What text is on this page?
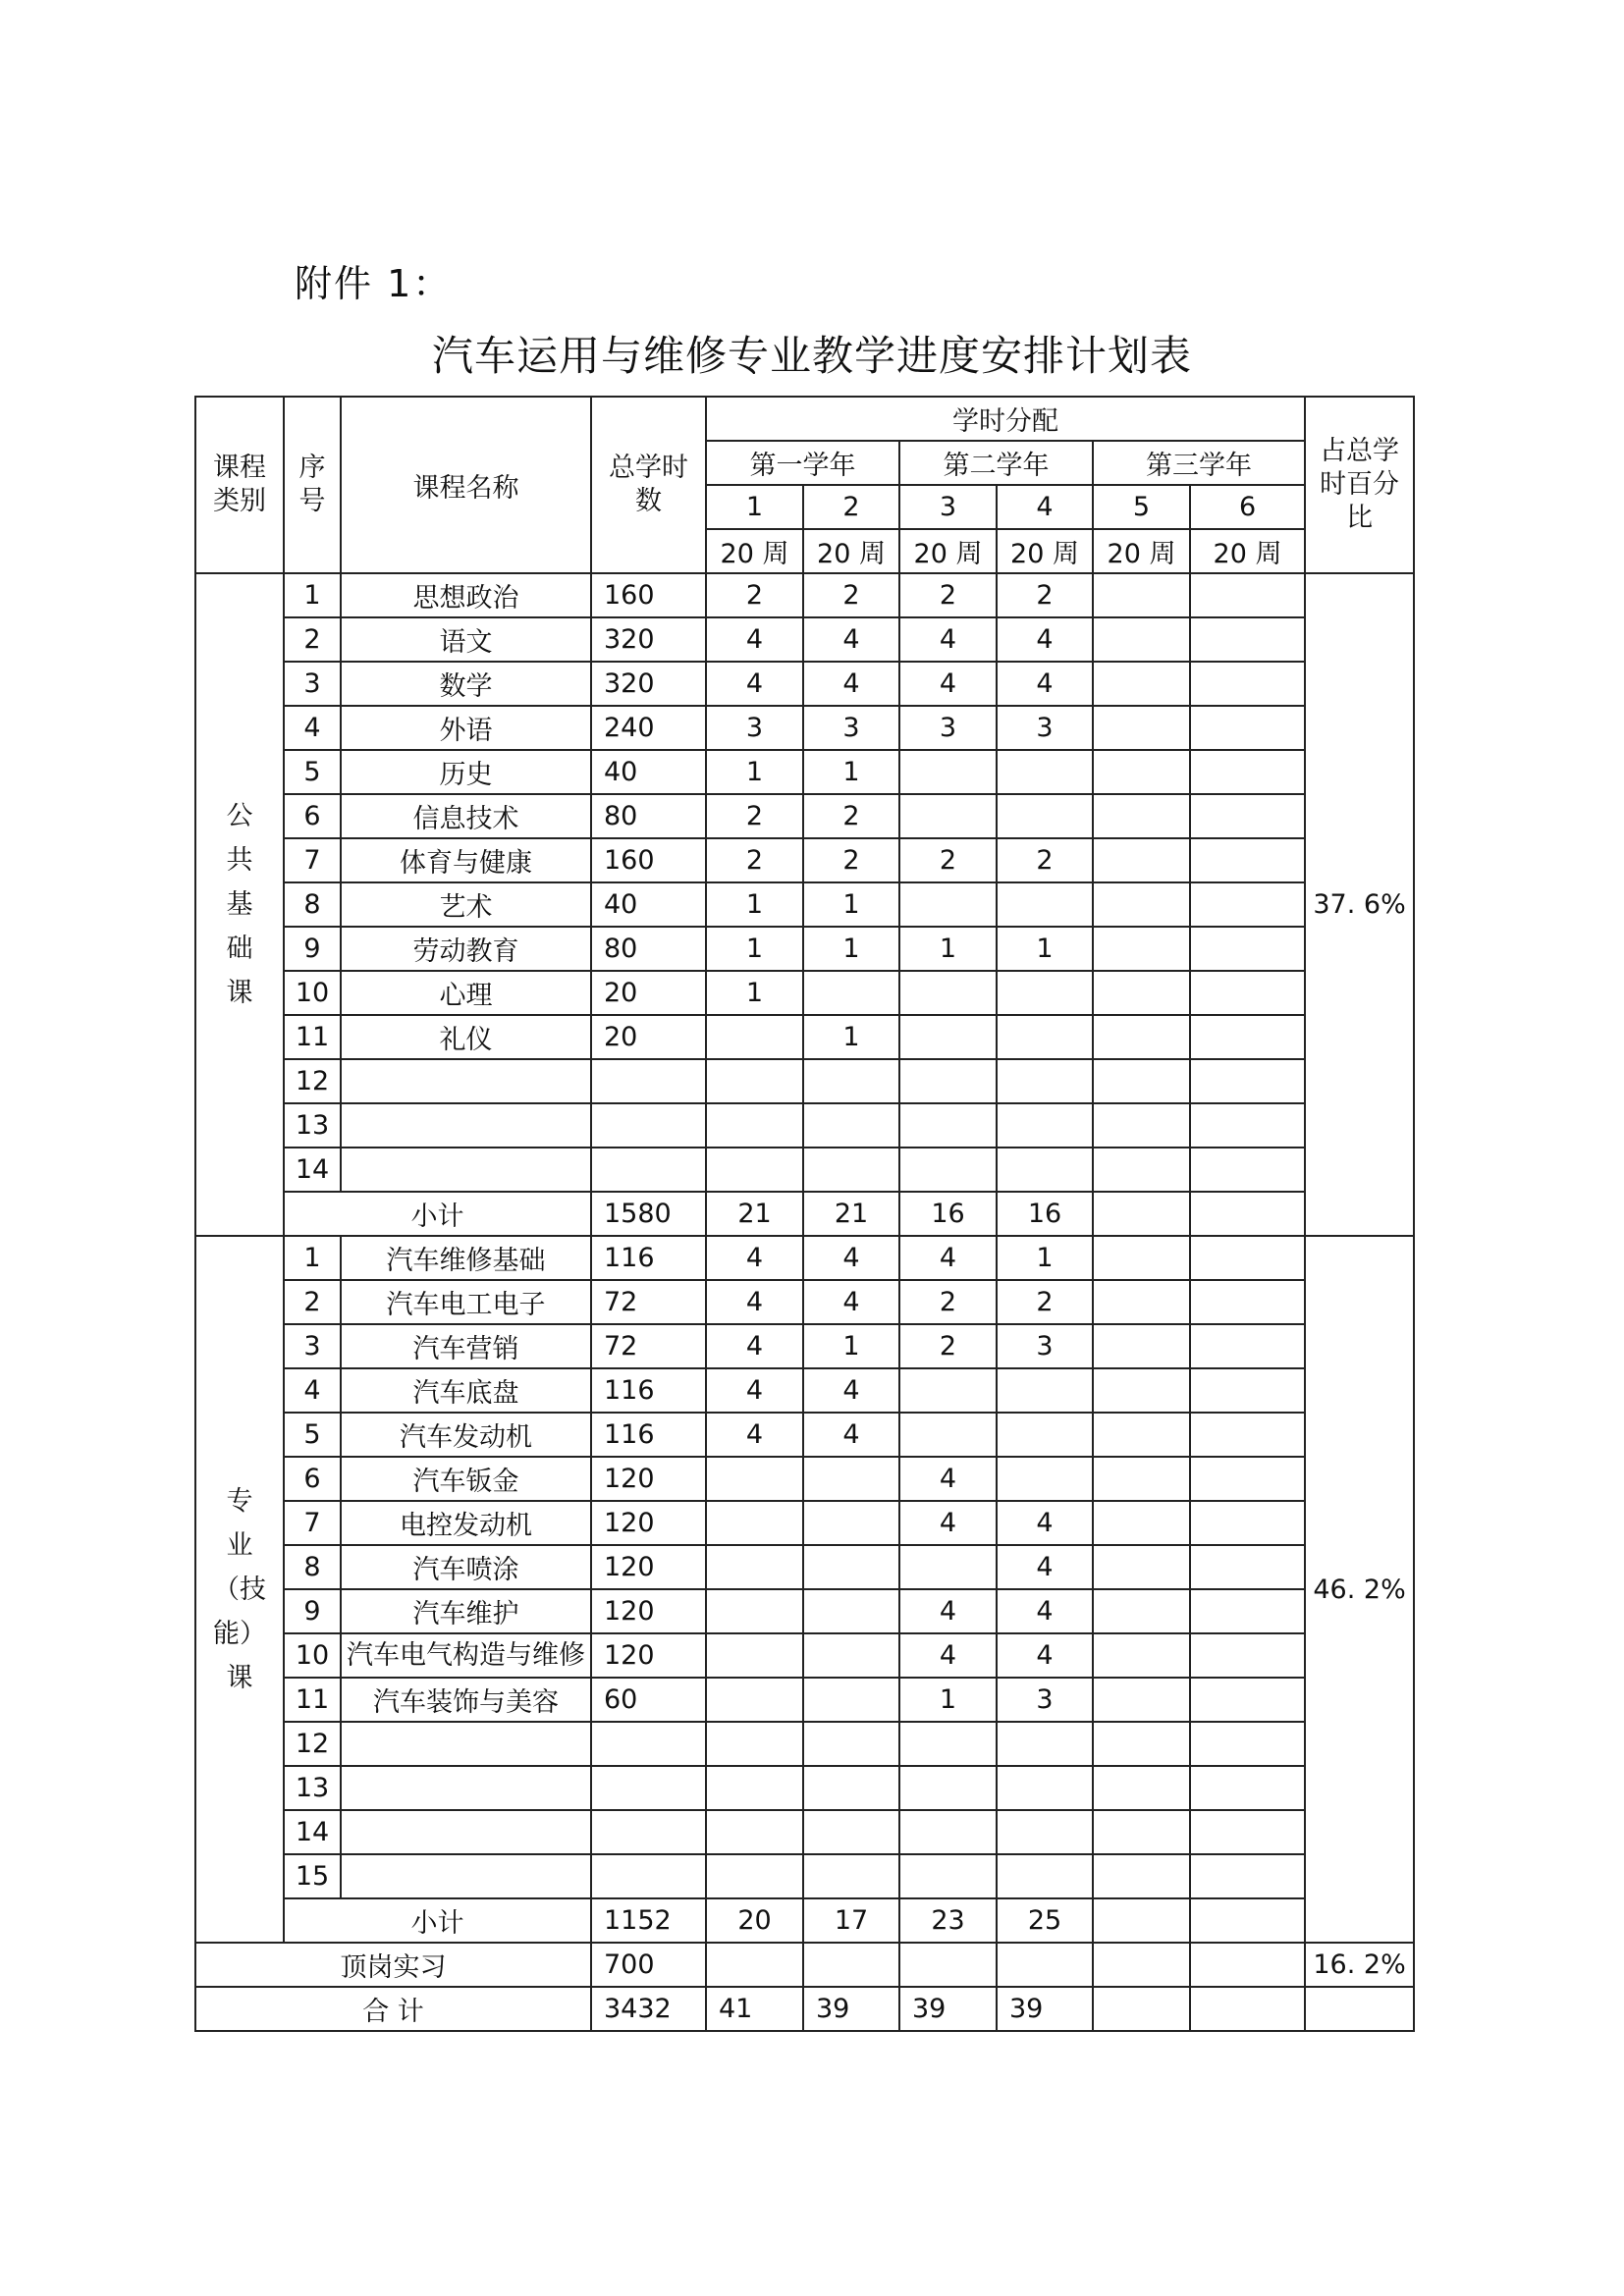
附件 1：
汽车运用与维修专业教学进度安排计划表
课程类别	序号	课程名称	总学时数	学时分配						占总学时百分比
				第一学年		第二学年		第三学年		
				1	2	3	4	5	6	
				20 周	20 周	20 周	20 周	20 周	20 周	

公
共
基
础
课	1	思想政治	160	2	2	2	2			37. 6%
	2	语文	320	4	4	4	4			
	3	数学	320	4	4	4	4			
	4	外语	240	3	3	3	3			
	5	历史	40	1	1					
	6	信息技术	80	2	2					
	7	体育与健康	160	2	2	2	2			
	8	艺术	40	1	1					
	9	劳动教育	80	1	1	1	1			
	10	心理	20	1						
	11	礼仪	20		1					
	12									
	13									
	14									
	小计		1580	21	21	16	16			

专
业
（技
能）
课	1	汽车维修基础	116	4	4	4	1			46. 2%
	2	汽车电工电子	72	4	4	2	2			
	3	汽车营销	72	4	1	2	3			
	4	汽车底盘	116	4	4					
	5	汽车发动机	116	4	4					
	6	汽车钣金	120			4				
	7	电控发动机	120			4	4			
	8	汽车喷涂	120				4			
	9	汽车维护	120			4	4			
	10	汽车电气构造与维修	120			4	4			
	11	汽车装饰与美容	60			1	3			
	12									
	13									
	14									
	15									
	小计		1152	20	17	23	25			
顶岗实习			700							16. 2%
合 计			3432	41	39	39	39			
